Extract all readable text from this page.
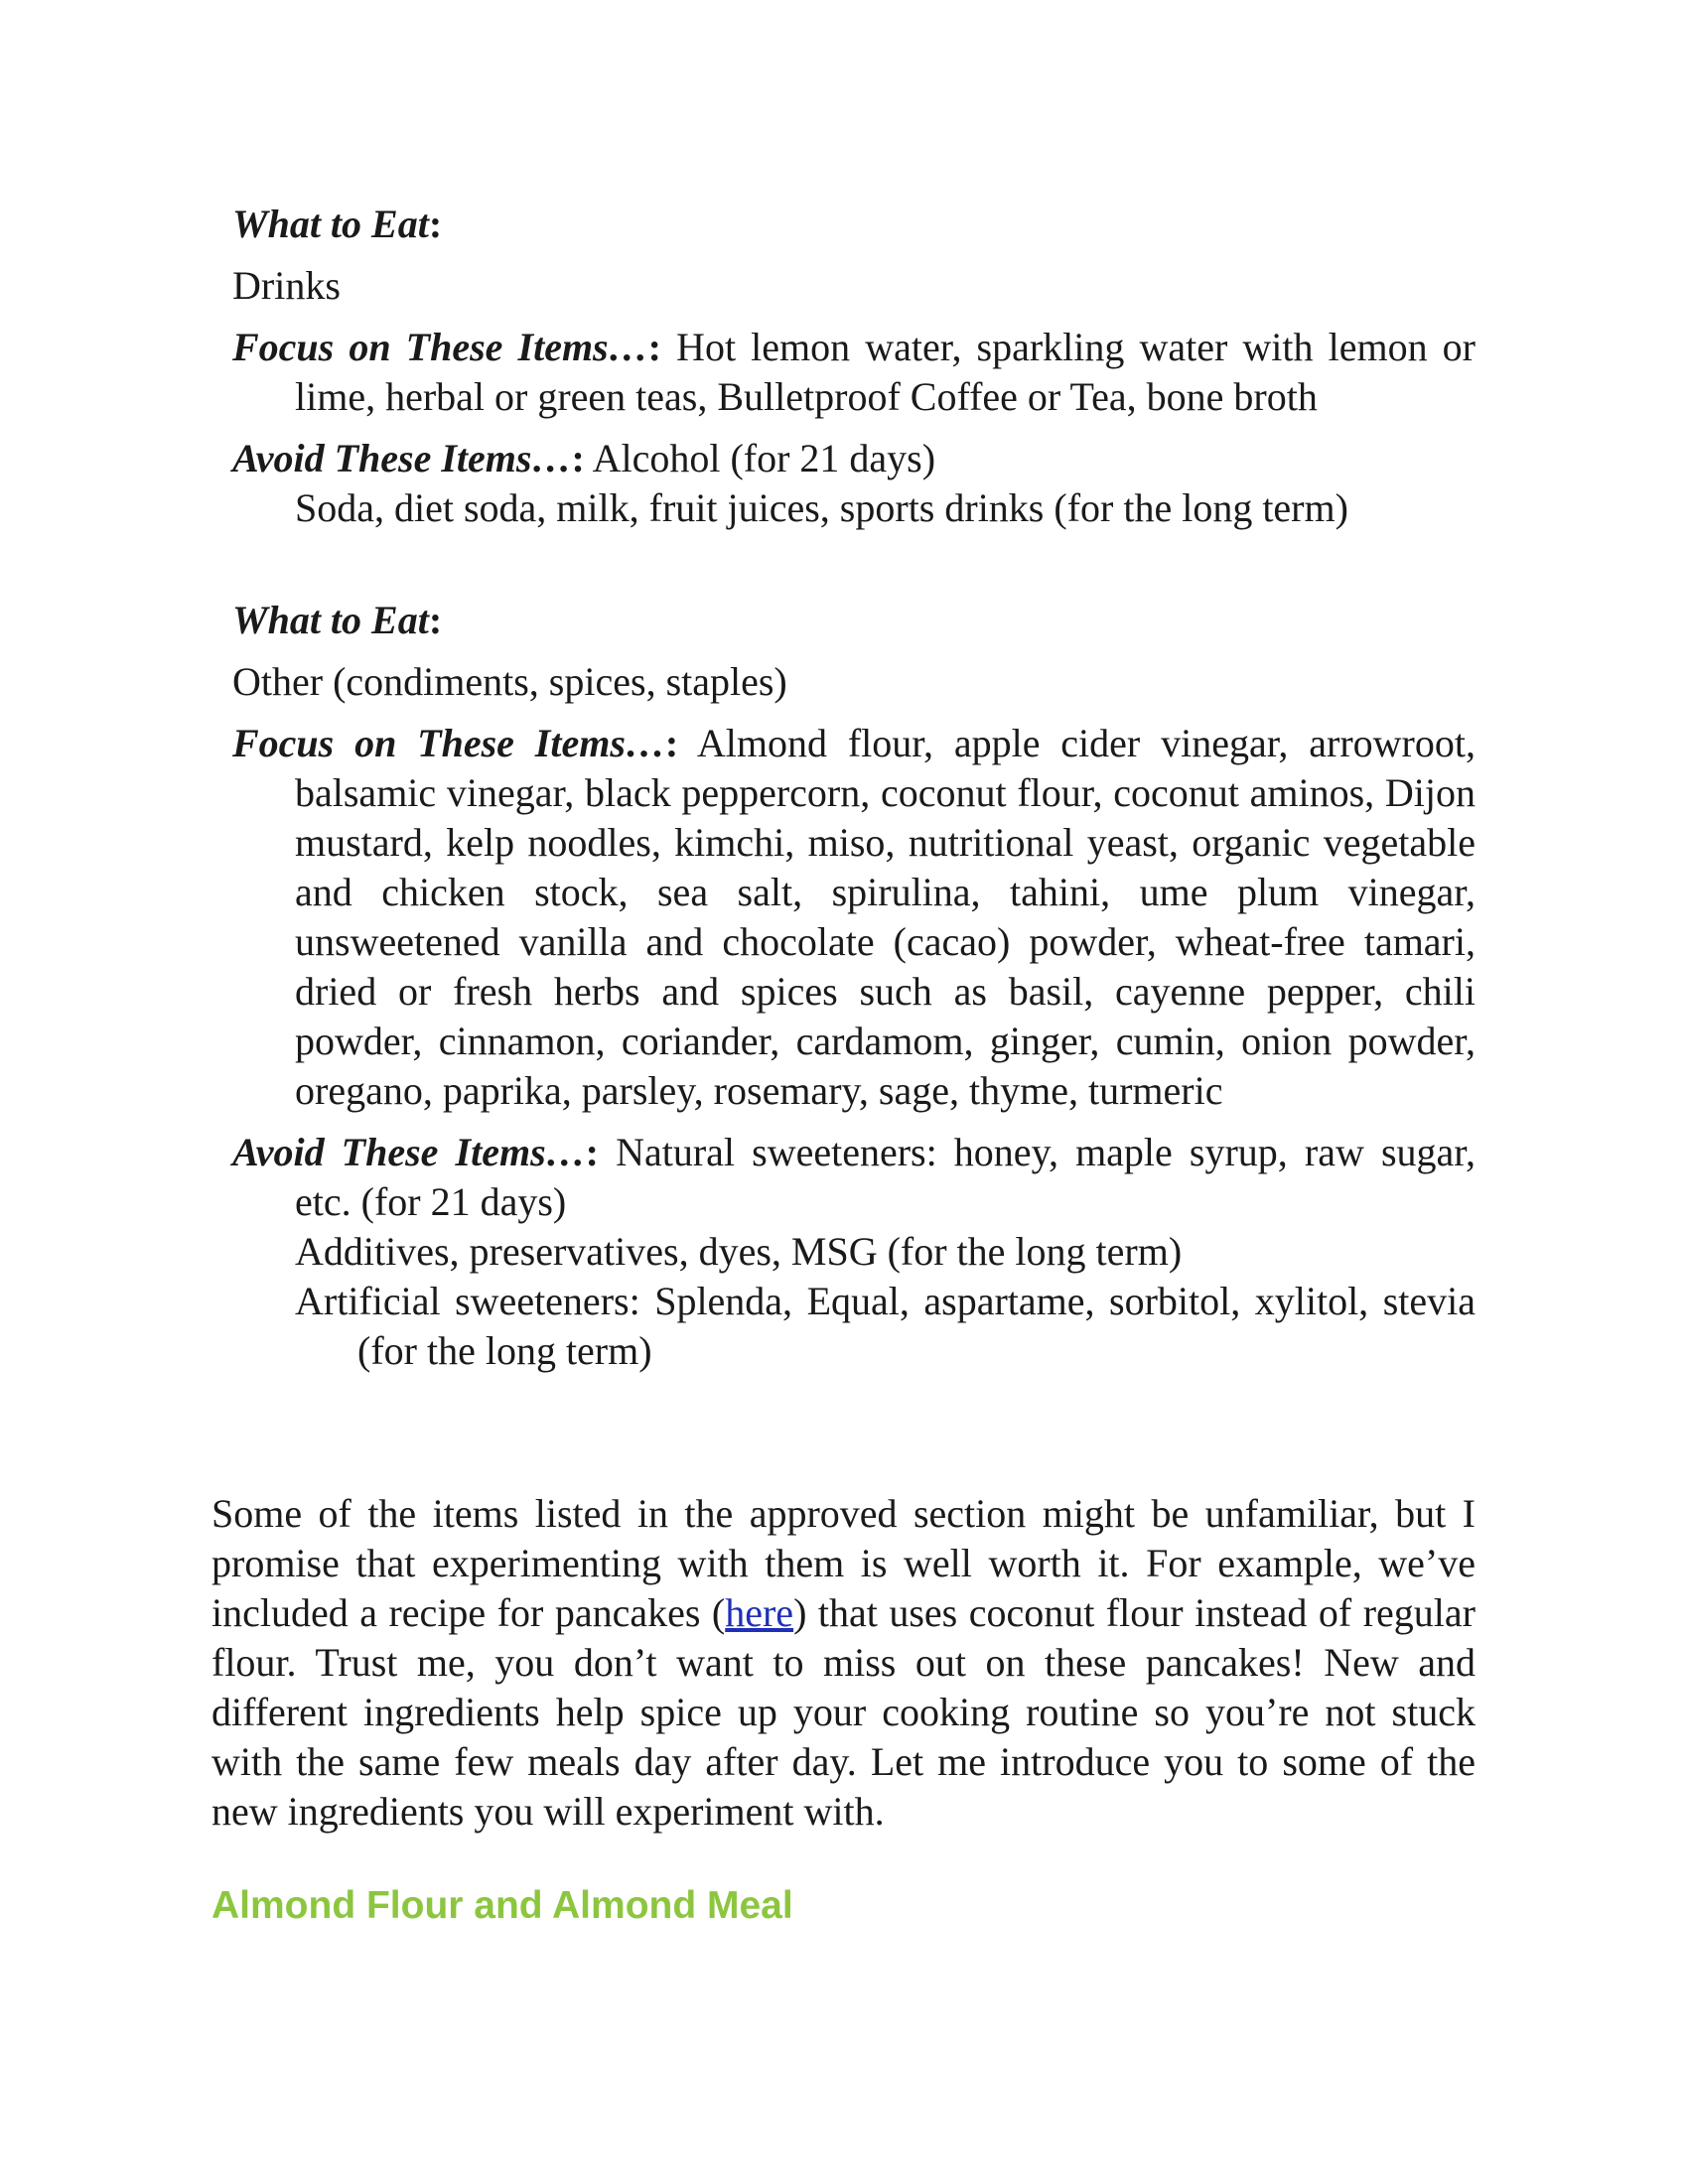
What to Eat:
Drinks
Focus on These Items…: Hot lemon water, sparkling water with lemon or lime, herbal or green teas, Bulletproof Coffee or Tea, bone broth
Avoid These Items…: Alcohol (for 21 days)
Soda, diet soda, milk, fruit juices, sports drinks (for the long term)
What to Eat:
Other (condiments, spices, staples)
Focus on These Items…: Almond flour, apple cider vinegar, arrowroot, balsamic vinegar, black peppercorn, coconut flour, coconut aminos, Dijon mustard, kelp noodles, kimchi, miso, nutritional yeast, organic vegetable and chicken stock, sea salt, spirulina, tahini, ume plum vinegar, unsweetened vanilla and chocolate (cacao) powder, wheat-free tamari, dried or fresh herbs and spices such as basil, cayenne pepper, chili powder, cinnamon, coriander, cardamom, ginger, cumin, onion powder, oregano, paprika, parsley, rosemary, sage, thyme, turmeric
Avoid These Items…: Natural sweeteners: honey, maple syrup, raw sugar, etc. (for 21 days)
Additives, preservatives, dyes, MSG (for the long term)
Artificial sweeteners: Splenda, Equal, aspartame, sorbitol, xylitol, stevia (for the long term)
Some of the items listed in the approved section might be unfamiliar, but I promise that experimenting with them is well worth it. For example, we’ve included a recipe for pancakes (here) that uses coconut flour instead of regular flour. Trust me, you don’t want to miss out on these pancakes! New and different ingredients help spice up your cooking routine so you’re not stuck with the same few meals day after day. Let me introduce you to some of the new ingredients you will experiment with.
Almond Flour and Almond Meal
